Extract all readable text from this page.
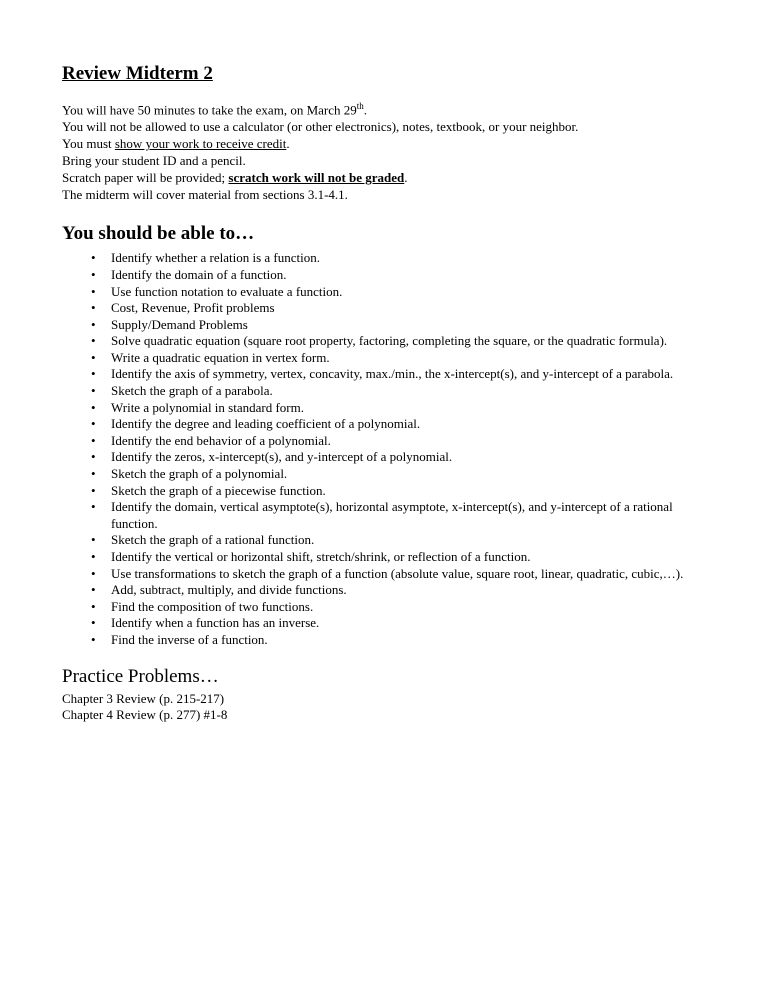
Review Midterm 2

You will have 50 minutes to take the exam, on March 29th.

You will not be allowed to use a calculator (or other electronics), notes, textbook, or your neighbor.

You must show your work to receive credit.

Bring your student ID and a pencil.

Scratch paper will be provided; scratch work will not be graded.

The midterm will cover material from sections 3.1-4.1.

You should be able to…
• Identify whether a relation is a function.
• Identify the domain of a function.
• Use function notation to evaluate a function.
• Cost, Revenue, Profit problems
• Supply/Demand Problems
• Solve quadratic equation (square root property, factoring, completing the square, or the quadratic formula).
• Write a quadratic equation in vertex form.
• Identify the axis of symmetry, vertex, concavity, max./min., the x-intercept(s), and y-intercept of a parabola.
• Sketch the graph of a parabola.
• Write a polynomial in standard form.
• Identify the degree and leading coefficient of a polynomial.
• Identify the end behavior of a polynomial.
• Identify the zeros, x-intercept(s), and y-intercept of a polynomial.
• Sketch the graph of a polynomial.
• Sketch the graph of a piecewise function.
• Identify the domain, vertical asymptote(s), horizontal asymptote, x-intercept(s), and y-intercept of a rational function.
• Sketch the graph of a rational function.
• Identify the vertical or horizontal shift, stretch/shrink, or reflection of a function.
• Use transformations to sketch the graph of a function (absolute value, square root, linear, quadratic, cubic,…).
• Add, subtract, multiply, and divide functions.
• Find the composition of two functions.
• Identify when a function has an inverse.
• Find the inverse of a function.
Practice Problems…

Chapter 3 Review (p. 215-217)

Chapter 4 Review (p. 277) #1-8
